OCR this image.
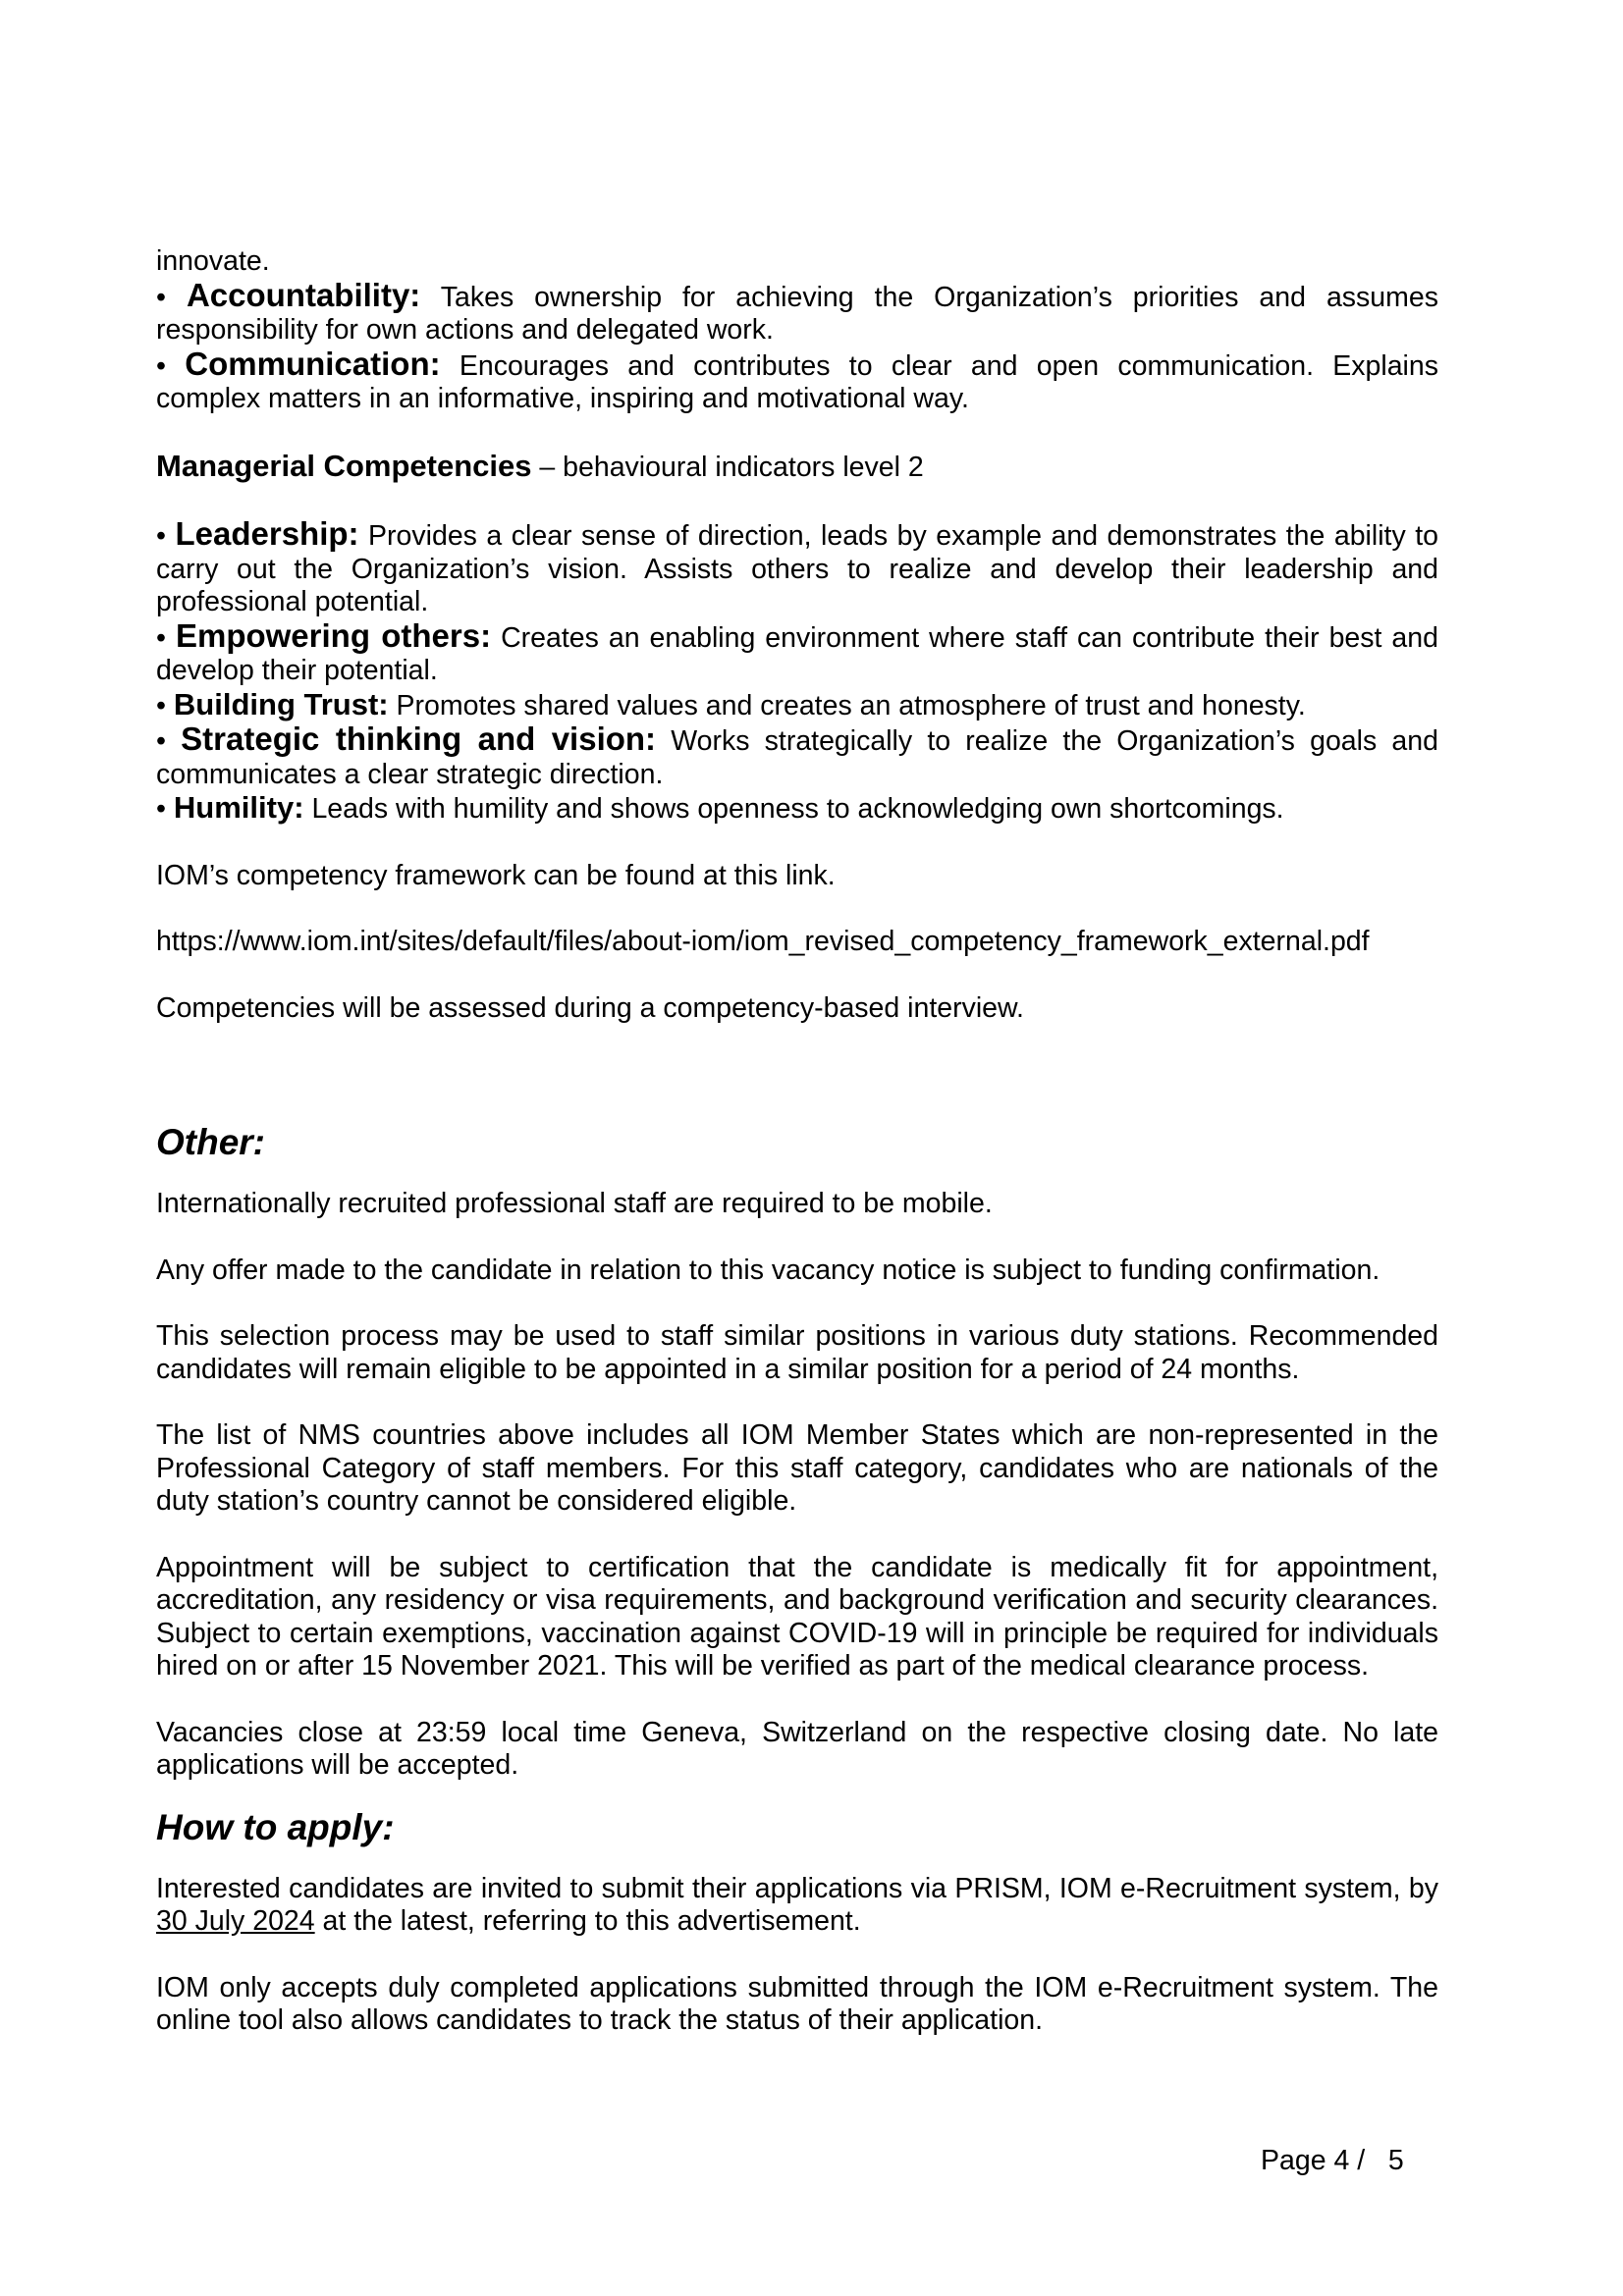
innovate.

• Accountability: Takes ownership for achieving the Organization’s priorities and assumes responsibility for own actions and delegated work.

• Communication: Encourages and contributes to clear and open communication. Explains complex matters in an informative, inspiring and motivational way.

Managerial Competencies – behavioural indicators level 2

• Leadership: Provides a clear sense of direction, leads by example and demonstrates the ability to carry out the Organization’s vision. Assists others to realize and develop their leadership and professional potential.

• Empowering others: Creates an enabling environment where staff can contribute their best and develop their potential.

• Building Trust: Promotes shared values and creates an atmosphere of trust and honesty.

• Strategic thinking and vision: Works strategically to realize the Organization’s goals and communicates a clear strategic direction.

• Humility: Leads with humility and shows openness to acknowledging own shortcomings.

IOM’s competency framework can be found at this link.

https://www.iom.int/sites/default/files/about-iom/iom_revised_competency_framework_external.pdf

Competencies will be assessed during a competency-based interview.

Other:

Internationally recruited professional staff are required to be mobile.

Any offer made to the candidate in relation to this vacancy notice is subject to funding confirmation.

This selection process may be used to staff similar positions in various duty stations. Recommended candidates will remain eligible to be appointed in a similar position for a period of 24 months.

The list of NMS countries above includes all IOM Member States which are non-represented in the Professional Category of staff members. For this staff category, candidates who are nationals of the duty station’s country cannot be considered eligible.

Appointment will be subject to certification that the candidate is medically fit for appointment, accreditation, any residency or visa requirements, and background verification and security clearances. Subject to certain exemptions, vaccination against COVID-19 will in principle be required for individuals hired on or after 15 November 2021. This will be verified as part of the medical clearance process.

Vacancies close at 23:59 local time Geneva, Switzerland on the respective closing date. No late applications will be accepted.

How to apply:

Interested candidates are invited to submit their applications via PRISM, IOM e-Recruitment system, by 30 July 2024 at the latest, referring to this advertisement.

IOM only accepts duly completed applications submitted through the IOM e-Recruitment system. The online tool also allows candidates to track the status of their application.

Page 4 /   5
